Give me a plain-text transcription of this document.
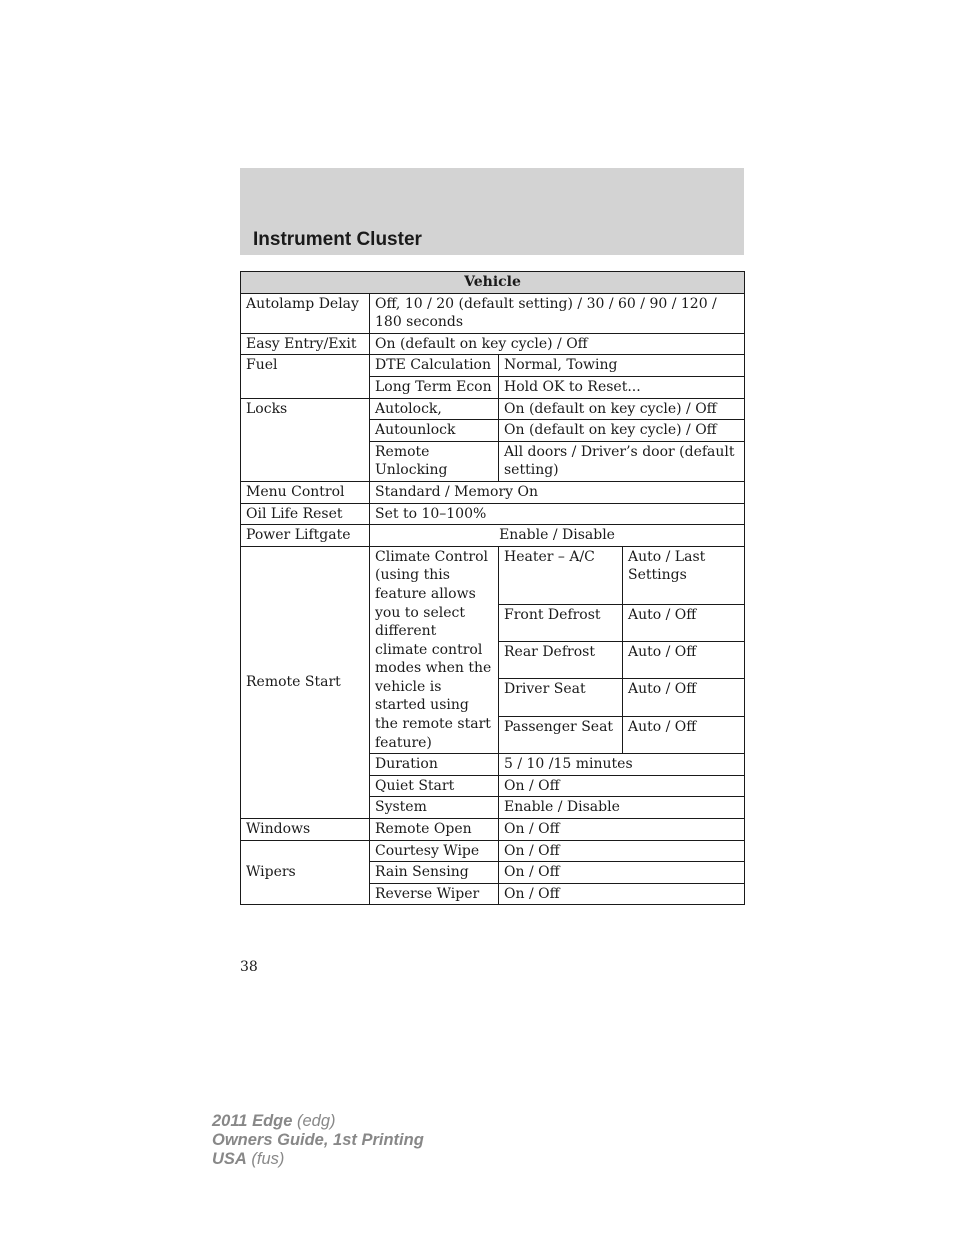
Instrument Cluster
Vehicle			
Autolamp Delay	Off, 10 / 20 (default setting) / 30 / 60 / 90 / 120 / 180 seconds		
Easy Entry/Exit	On (default on key cycle) / Off		
Fuel	DTE Calculation	Normal, Towing	
	Long Term Econ	Hold OK to Reset...	
Locks	Autolock,	On (default on key cycle) / Off	
	Autounlock	On (default on key cycle) / Off	
	Remote Unlocking	All doors / Driver’s door (default setting)	
Menu Control	Standard / Memory On		
Oil Life Reset	Set to 10–100%		
Power Liftgate	Enable / Disable		
Remote Start	Climate Control (using this feature allows you to select different climate control modes when the vehicle is started using the remote start feature)	Heater – A/C	Auto / Last Settings
		Front Defrost	Auto / Off
		Rear Defrost	Auto / Off
		Driver Seat	Auto / Off
		Passenger Seat	Auto / Off
	Duration	5 / 10 /15 minutes	
	Quiet Start	On / Off	
	System	Enable / Disable	
Windows	Remote Open	On / Off	
Wipers	Courtesy Wipe	On / Off	
	Rain Sensing	On / Off	
	Reverse Wiper	On / Off	
38
2011 Edge (edg)
Owners Guide, 1st Printing
USA (fus)
